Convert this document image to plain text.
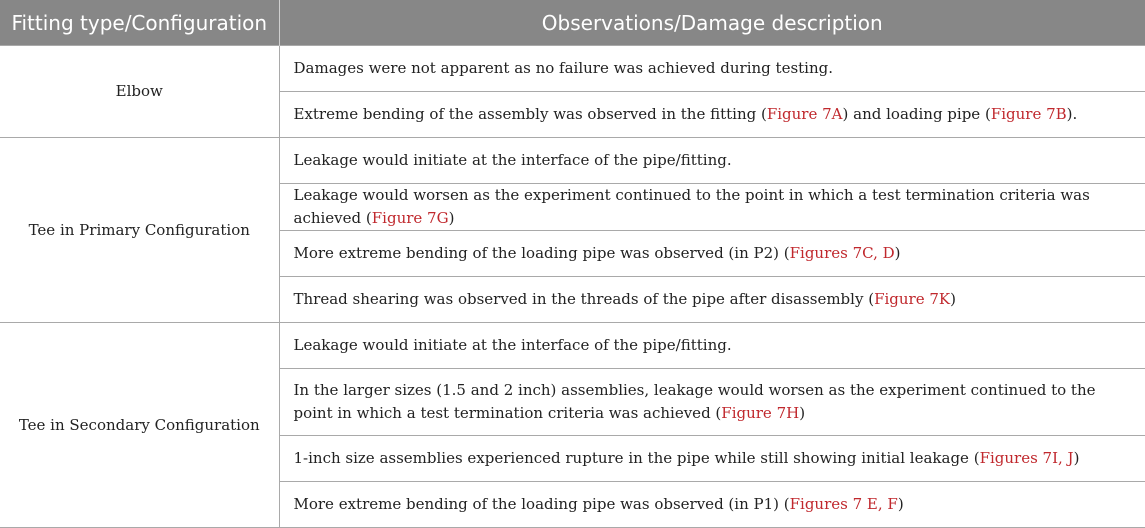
Fitting type/Configuration	Observations/Damage description
Elbow	Damages were not apparent as no failure was achieved during testing.
	Extreme bending of the assembly was observed in the fitting (Figure 7A) and loading pipe (Figure 7B).
Tee in Primary Configuration	Leakage would initiate at the interface of the pipe/fitting.
	Leakage would worsen as the experiment continued to the point in which a test termination criteria was achieved (Figure 7G)
	More extreme bending of the loading pipe was observed (in P2) (Figures 7C, D)
	Thread shearing was observed in the threads of the pipe after disassembly (Figure 7K)
Tee in Secondary Configuration	Leakage would initiate at the interface of the pipe/fitting.
	In the larger sizes (1.5 and 2 inch) assemblies, leakage would worsen as the experiment continued to the point in which a test termination criteria was achieved (Figure 7H)
	1-inch size assemblies experienced rupture in the pipe while still showing initial leakage (Figures 7I, J)
	More extreme bending of the loading pipe was observed (in P1) (Figures 7 E, F)
